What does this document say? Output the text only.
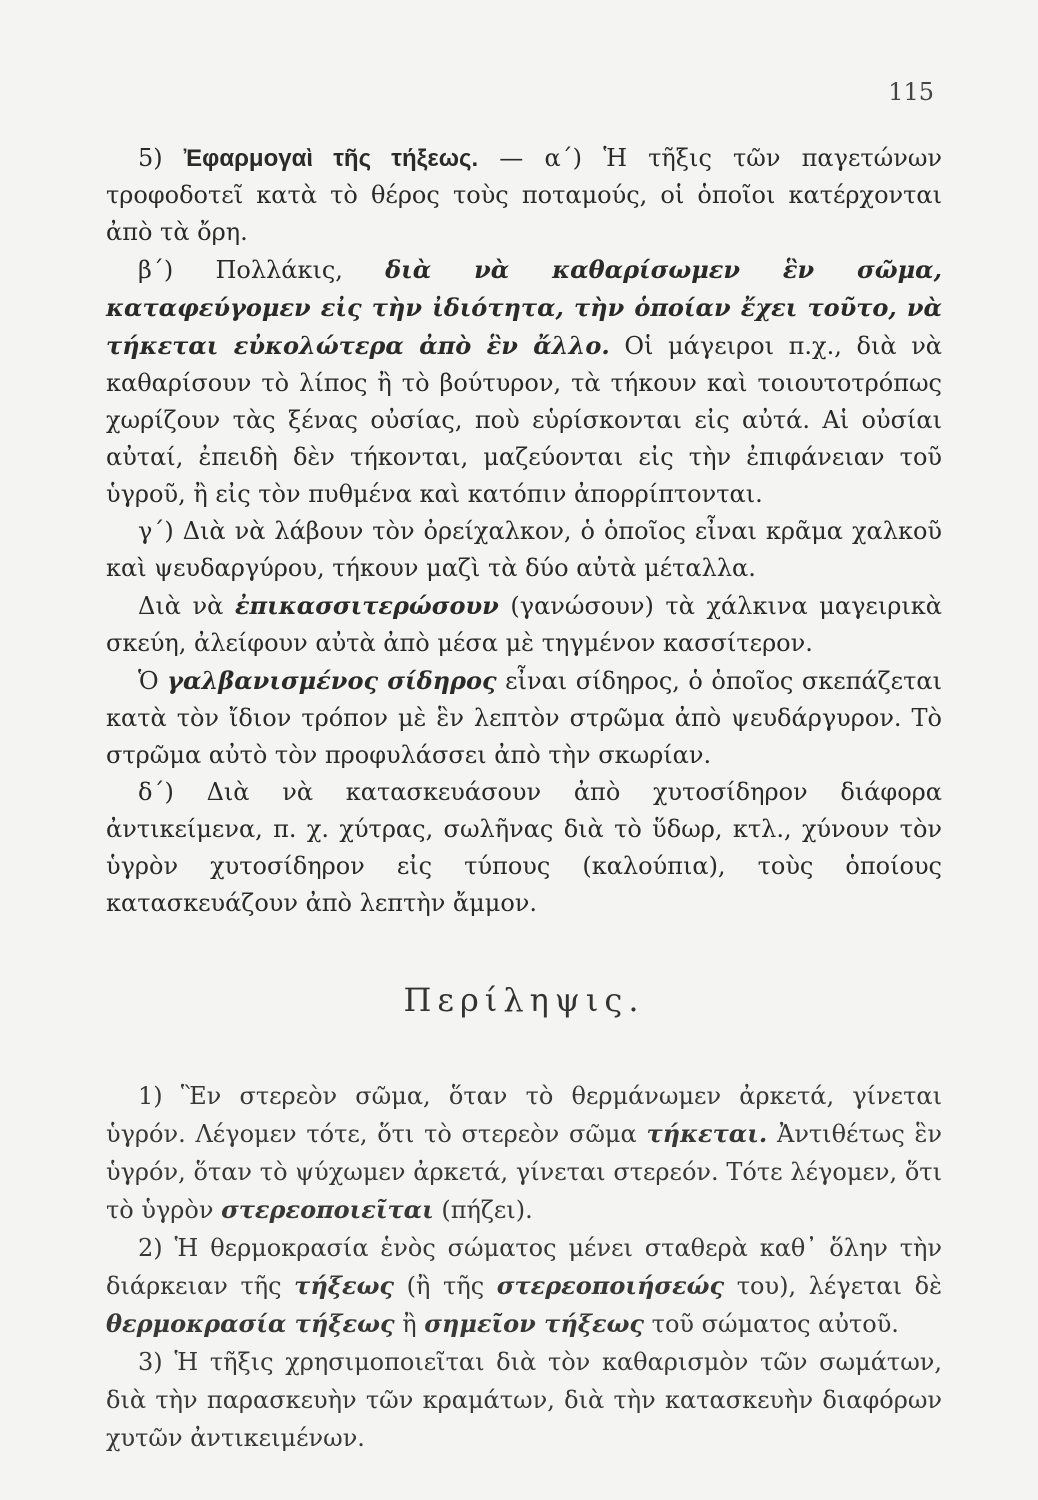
115

5) Ἐφαρμογαὶ τῆς τήξεως. — α΄) Ἡ τῆξις τῶν παγετώνων τροφοδοτεῖ κατὰ τὸ θέρος τοὺς ποταμούς, οἱ ὁποῖοι κατέρχονται ἀπὸ τὰ ὄρη.

β΄) Πολλάκις, διὰ νὰ καθαρίσωμεν ἓν σῶμα, καταφεύγομεν εἰς τὴν ἰδιότητα, τὴν ὁποίαν ἔχει τοῦτο, νὰ τήκεται εὐκολώτερα ἀπὸ ἓν ἄλλο. Οἱ μάγειροι π.χ., διὰ νὰ καθαρίσουν τὸ λίπος ἢ τὸ βούτυρον, τὰ τήκουν καὶ τοιουτοτρόπως χωρίζουν τὰς ξένας οὐσίας, ποὺ εὑρίσκονται εἰς αὐτά. Αἱ οὐσίαι αὐταί, ἐπειδὴ δὲν τήκονται, μαζεύονται εἰς τὴν ἐπιφάνειαν τοῦ ὑγροῦ, ἢ εἰς τὸν πυθμένα καὶ κατόπιν ἀπορρίπτονται.

γ΄) Διὰ νὰ λάβουν τὸν ὀρείχαλκον, ὁ ὁποῖος εἶναι κρᾶμα χαλκοῦ καὶ ψευδαργύρου, τήκουν μαζὶ τὰ δύο αὐτὰ μέταλλα.

Διὰ νὰ ἐπικασσιτερώσουν (γανώσουν) τὰ χάλκινα μαγειρικὰ σκεύη, ἀλείφουν αὐτὰ ἀπὸ μέσα μὲ τηγμένον κασσίτερον.

Ὁ γαλβανισμένος σίδηρος εἶναι σίδηρος, ὁ ὁποῖος σκεπάζεται κατὰ τὸν ἴδιον τρόπον μὲ ἓν λεπτὸν στρῶμα ἀπὸ ψευδάργυρον. Τὸ στρῶμα αὐτὸ τὸν προφυλάσσει ἀπὸ τὴν σκωρίαν.

δ΄) Διὰ νὰ κατασκευάσουν ἀπὸ χυτοσίδηρον διάφορα ἀντικείμενα, π. χ. χύτρας, σωλῆνας διὰ τὸ ὕδωρ, κτλ., χύνουν τὸν ὑγρὸν χυτοσίδηρον εἰς τύπους (καλούπια), τοὺς ὁποίους κατασκευάζουν ἀπὸ λεπτὴν ἄμμον.

Περίληψις.

1) Ἓν στερεὸν σῶμα, ὅταν τὸ θερμάνωμεν ἀρκετά, γίνεται ὑγρόν. Λέγομεν τότε, ὅτι τὸ στερεὸν σῶμα τήκεται. Ἀντιθέτως ἓν ὑγρόν, ὅταν τὸ ψύχωμεν ἀρκετά, γίνεται στερεόν. Τότε λέγομεν, ὅτι τὸ ὑγρὸν στερεοποιεῖται (πήζει).

2) Ἡ θερμοκρασία ἑνὸς σώματος μένει σταθερὰ καθ᾿ ὅλην τὴν διάρκειαν τῆς τήξεως (ἢ τῆς στερεοποιήσεώς του), λέγεται δὲ θερμοκρασία τήξεως ἢ σημεῖον τήξεως τοῦ σώματος αὐτοῦ.

3) Ἡ τῆξις χρησιμοποιεῖται διὰ τὸν καθαρισμὸν τῶν σωμάτων, διὰ τὴν παρασκευὴν τῶν κραμάτων, διὰ τὴν κατασκευὴν διαφόρων χυτῶν ἀντικειμένων.
